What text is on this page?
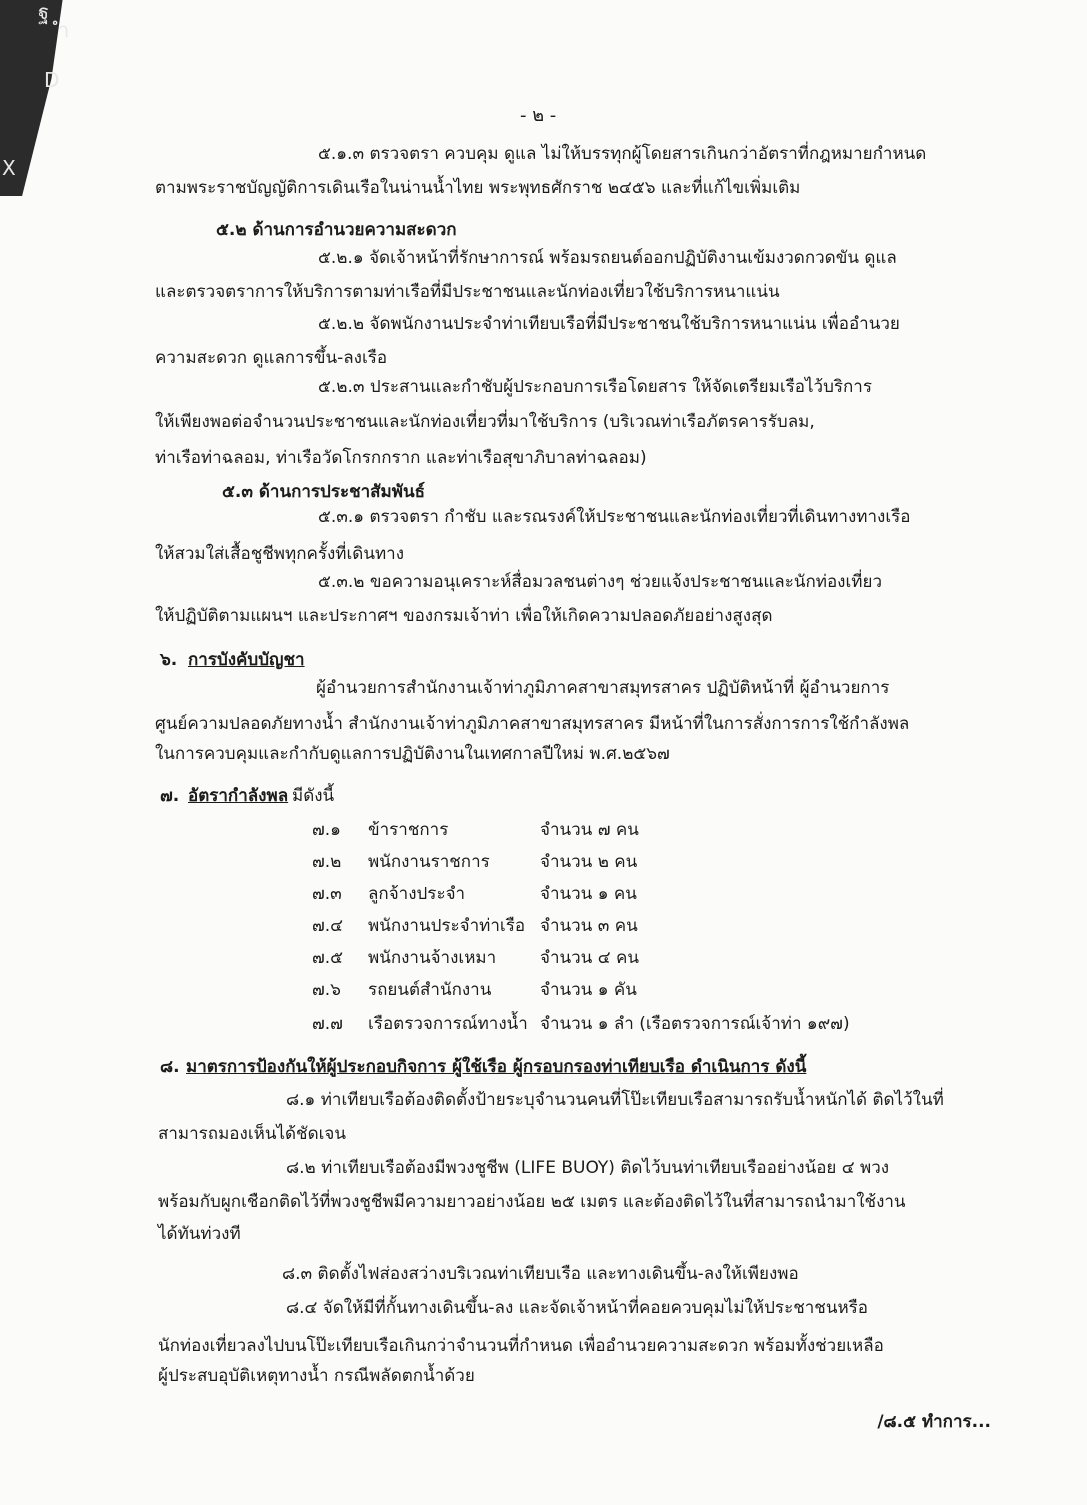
ฐ
ำ
D
X
- ๒ -
๕.๑.๓ ตรวจตรา ควบคุม ดูแล ไม่ให้บรรทุกผู้โดยสารเกินกว่าอัตราที่กฎหมายกำหนด
ตามพระราชบัญญัติการเดินเรือในน่านน้ำไทย พระพุทธศักราช ๒๔๕๖ และที่แก้ไขเพิ่มเติม
๕.๒ ด้านการอำนวยความสะดวก
๕.๒.๑ จัดเจ้าหน้าที่รักษาการณ์ พร้อมรถยนต์ออกปฏิบัติงานเข้มงวดกวดขัน ดูแล
และตรวจตราการให้บริการตามท่าเรือที่มีประชาชนและนักท่องเที่ยวใช้บริการหนาแน่น
๕.๒.๒ จัดพนักงานประจำท่าเทียบเรือที่มีประชาชนใช้บริการหนาแน่น เพื่ออำนวย
ความสะดวก ดูแลการขึ้น-ลงเรือ
๕.๒.๓ ประสานและกำชับผู้ประกอบการเรือโดยสาร ให้จัดเตรียมเรือไว้บริการ
ให้เพียงพอต่อจำนวนประชาชนและนักท่องเที่ยวที่มาใช้บริการ (บริเวณท่าเรือภัตรคารรับลม,
ท่าเรือท่าฉลอม, ท่าเรือวัดโกรกกราก และท่าเรือสุขาภิบาลท่าฉลอม)
๕.๓ ด้านการประชาสัมพันธ์
๕.๓.๑ ตรวจตรา กำชับ และรณรงค์ให้ประชาชนและนักท่องเที่ยวที่เดินทางทางเรือ
ให้สวมใส่เสื้อชูชีพทุกครั้งที่เดินทาง
๕.๓.๒ ขอความอนุเคราะห์สื่อมวลชนต่างๆ ช่วยแจ้งประชาชนและนักท่องเที่ยว
ให้ปฏิบัติตามแผนฯ และประกาศฯ ของกรมเจ้าท่า เพื่อให้เกิดความปลอดภัยอย่างสูงสุด
๖. การบังคับบัญชา
ผู้อำนวยการสำนักงานเจ้าท่าภูมิภาคสาขาสมุทรสาคร ปฏิบัติหน้าที่ ผู้อำนวยการ
ศูนย์ความปลอดภัยทางน้ำ สำนักงานเจ้าท่าภูมิภาคสาขาสมุทรสาคร มีหน้าที่ในการสั่งการการใช้กำลังพล
ในการควบคุมและกำกับดูแลการปฏิบัติงานในเทศกาลปีใหม่ พ.ศ.๒๕๖๗
๗. อัตรากำลังพล มีดังนี้
๗.๑ ข้าราชการ	จำนวน ๗ คน
๗.๒ พนักงานราชการ	จำนวน ๒ คน
๗.๓ ลูกจ้างประจำ	จำนวน ๑ คน
๗.๔ พนักงานประจำท่าเรือ จำนวน ๓ คน
๗.๕ พนักงานจ้างเหมา	จำนวน ๔ คน
๗.๖ รถยนต์สำนักงาน	จำนวน ๑ คัน
๗.๗ เรือตรวจการณ์ทางน้ำ จำนวน ๑ ลำ (เรือตรวจการณ์เจ้าท่า ๑๙๗)
๘. มาตรการป้องกันให้ผู้ประกอบกิจการ ผู้ใช้เรือ ผู้กรอบกรองท่าเทียบเรือ ดำเนินการ ดังนี้
๘.๑ ท่าเทียบเรือต้องติดตั้งป้ายระบุจำนวนคนที่โป๊ะเทียบเรือสามารถรับน้ำหนักได้ ติดไว้ในที่
สามารถมองเห็นได้ชัดเจน
๘.๒ ท่าเทียบเรือต้องมีพวงชูชีพ (LIFE BUOY) ติดไว้บนท่าเทียบเรืออย่างน้อย ๔ พวง
พร้อมกับผูกเชือกติดไว้ที่พวงชูชีพมีความยาวอย่างน้อย ๒๕ เมตร และต้องติดไว้ในที่สามารถนำมาใช้งาน
ได้ทันท่วงที
๘.๓ ติดตั้งไฟส่องสว่างบริเวณท่าเทียบเรือ และทางเดินขึ้น-ลงให้เพียงพอ
๘.๔ จัดให้มีที่กั้นทางเดินขึ้น-ลง และจัดเจ้าหน้าที่คอยควบคุมไม่ให้ประชาชนหรือ
นักท่องเที่ยวลงไปบนโป๊ะเทียบเรือเกินกว่าจำนวนที่กำหนด เพื่ออำนวยความสะดวก พร้อมทั้งช่วยเหลือ
ผู้ประสบอุบัติเหตุทางน้ำ กรณีพลัดตกน้ำด้วย
/๘.๕ ทำการ...
